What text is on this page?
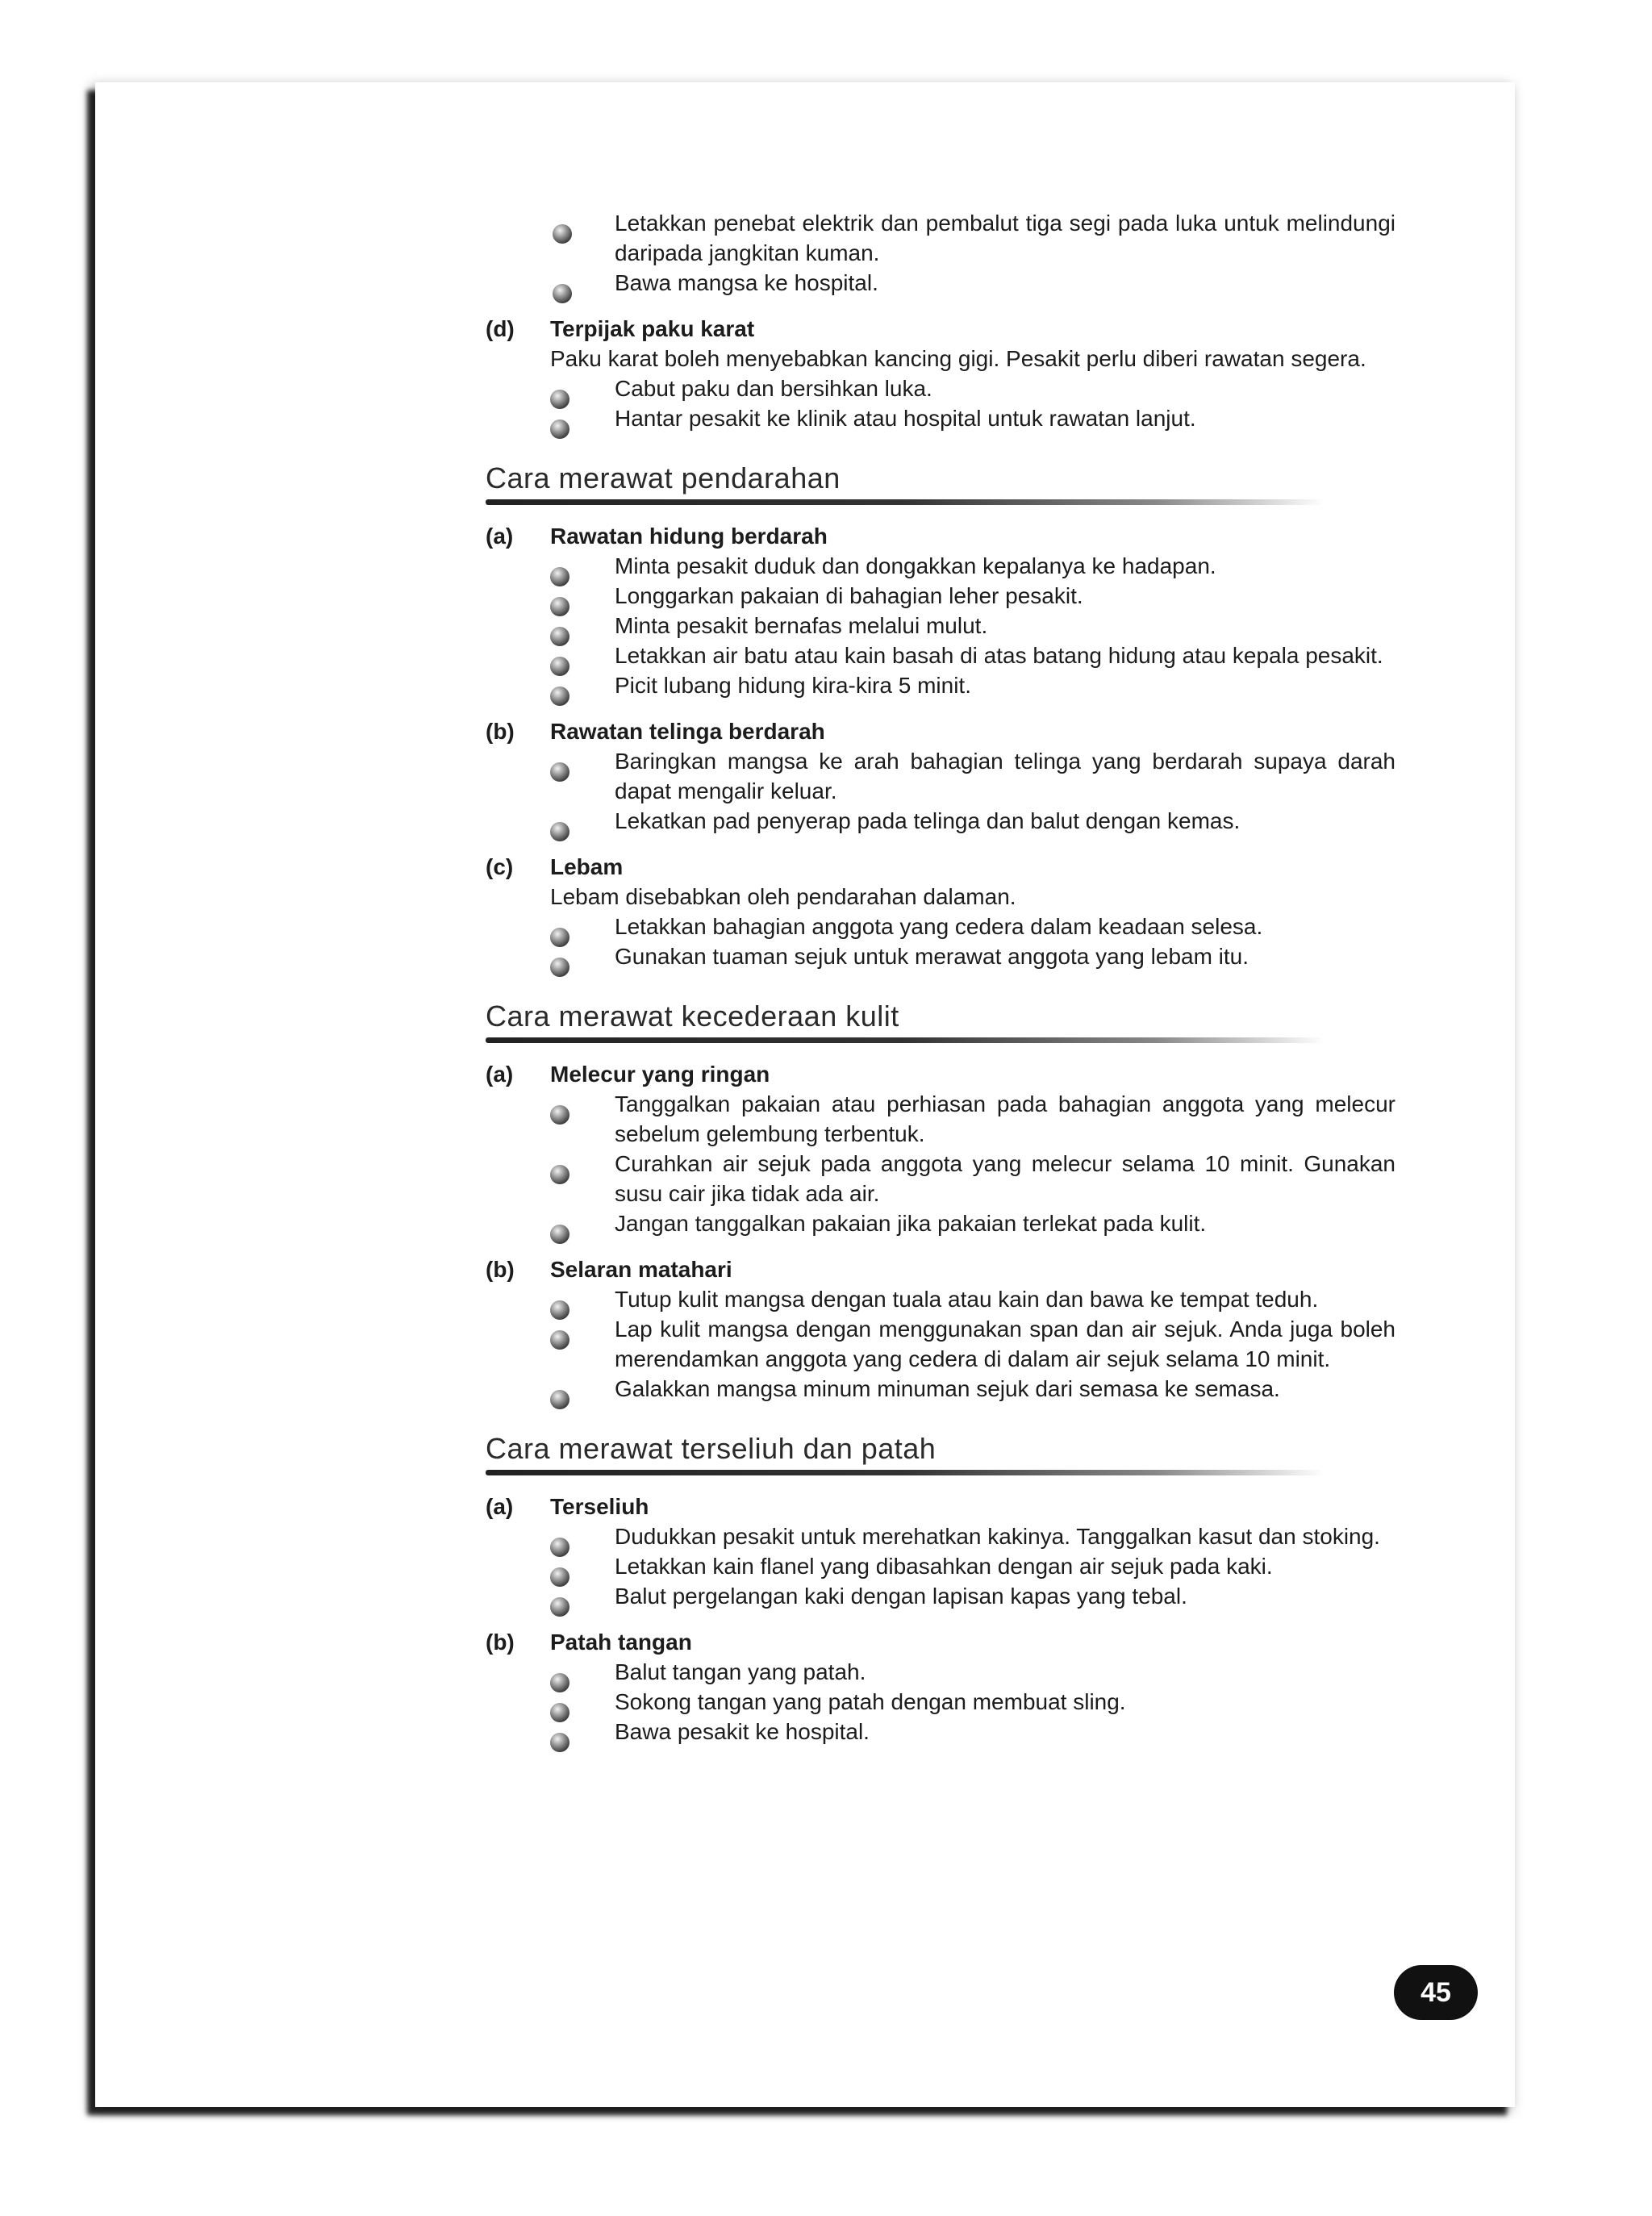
Letakkan penebat elektrik dan pembalut tiga segi pada luka untuk melindungi daripada jangkitan kuman.
Bawa mangsa ke hospital.
(d) Terpijak paku karat
Paku karat boleh menyebabkan kancing gigi. Pesakit perlu diberi rawatan segera.
Cabut paku dan bersihkan luka.
Hantar pesakit ke klinik atau hospital untuk rawatan lanjut.
Cara merawat pendarahan
(a) Rawatan hidung berdarah
Minta pesakit duduk dan dongakkan kepalanya ke hadapan.
Longgarkan pakaian di bahagian leher pesakit.
Minta pesakit bernafas melalui mulut.
Letakkan air batu atau kain basah di atas batang hidung atau kepala pesakit.
Picit lubang hidung kira-kira 5 minit.
(b) Rawatan telinga berdarah
Baringkan mangsa ke arah bahagian telinga yang berdarah supaya darah dapat mengalir keluar.
Lekatkan pad penyerap pada telinga dan balut dengan kemas.
(c) Lebam
Lebam disebabkan oleh pendarahan dalaman.
Letakkan bahagian anggota yang cedera dalam keadaan selesa.
Gunakan tuaman sejuk untuk merawat anggota yang lebam itu.
Cara merawat kecederaan kulit
(a) Melecur yang ringan
Tanggalkan pakaian atau perhiasan pada bahagian anggota yang melecur sebelum gelembung terbentuk.
Curahkan air sejuk pada anggota yang melecur selama 10 minit. Gunakan susu cair jika tidak ada air.
Jangan tanggalkan pakaian jika pakaian terlekat pada kulit.
(b) Selaran matahari
Tutup kulit mangsa dengan tuala atau kain dan bawa ke tempat teduh.
Lap kulit mangsa dengan menggunakan span dan air sejuk. Anda juga boleh merendamkan anggota yang cedera di dalam air sejuk selama 10 minit.
Galakkan mangsa minum minuman sejuk dari semasa ke semasa.
Cara merawat terseliuh dan patah
(a) Terseliuh
Dudukkan pesakit untuk merehatkan kakinya. Tanggalkan kasut dan stoking.
Letakkan kain flanel yang dibasahkan dengan air sejuk pada kaki.
Balut pergelangan kaki dengan lapisan kapas yang tebal.
(b) Patah tangan
Balut tangan yang patah.
Sokong tangan yang patah dengan membuat sling.
Bawa pesakit ke hospital.
45
